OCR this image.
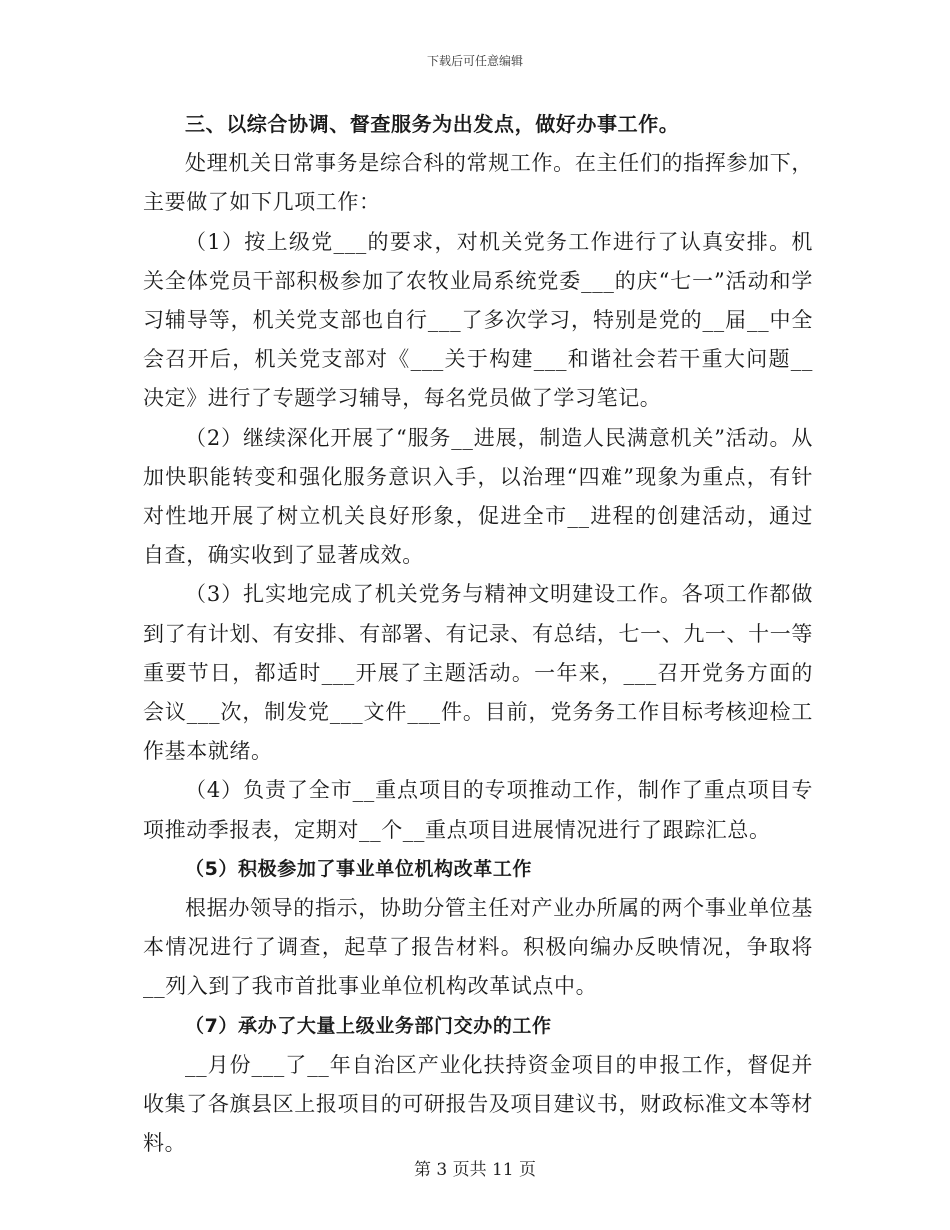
下载后可任意编辑

三、以综合协调、督查服务为出发点，做好办事工作。

处理机关日常事务是综合科的常规工作。在主任们的指挥参加下，主要做了如下几项工作：

（1）按上级党___的要求，对机关党务工作进行了认真安排。机关全体党员干部积极参加了农牧业局系统党委___的庆“七一”活动和学习辅导等，机关党支部也自行___了多次学习，特别是党的__届__中全会召开后，机关党支部对《___关于构建___和谐社会若干重大问题__决定》进行了专题学习辅导，每名党员做了学习笔记。

（2）继续深化开展了“服务__进展，制造人民满意机关”活动。从加快职能转变和强化服务意识入手，以治理“四难”现象为重点，有针对性地开展了树立机关良好形象，促进全市__进程的创建活动，通过自查，确实收到了显著成效。

（3）扎实地完成了机关党务与精神文明建设工作。各项工作都做到了有计划、有安排、有部署、有记录、有总结，七一、九一、十一等重要节日，都适时___开展了主题活动。一年来，___召开党务方面的会议___次，制发党___文件___件。目前，党务务工作目标考核迎检工作基本就绪。

（4）负责了全市__重点项目的专项推动工作，制作了重点项目专项推动季报表，定期对__个__重点项目进展情况进行了跟踪汇总。

（5）积极参加了事业单位机构改革工作

根据办领导的指示，协助分管主任对产业办所属的两个事业单位基本情况进行了调查，起草了报告材料。积极向编办反映情况，争取将__列入到了我市首批事业单位机构改革试点中。

（7）承办了大量上级业务部门交办的工作

__月份___了__年自治区产业化扶持资金项目的申报工作，督促并收集了各旗县区上报项目的可研报告及项目建议书，财政标准文本等材料。

第 3 页共 11 页
